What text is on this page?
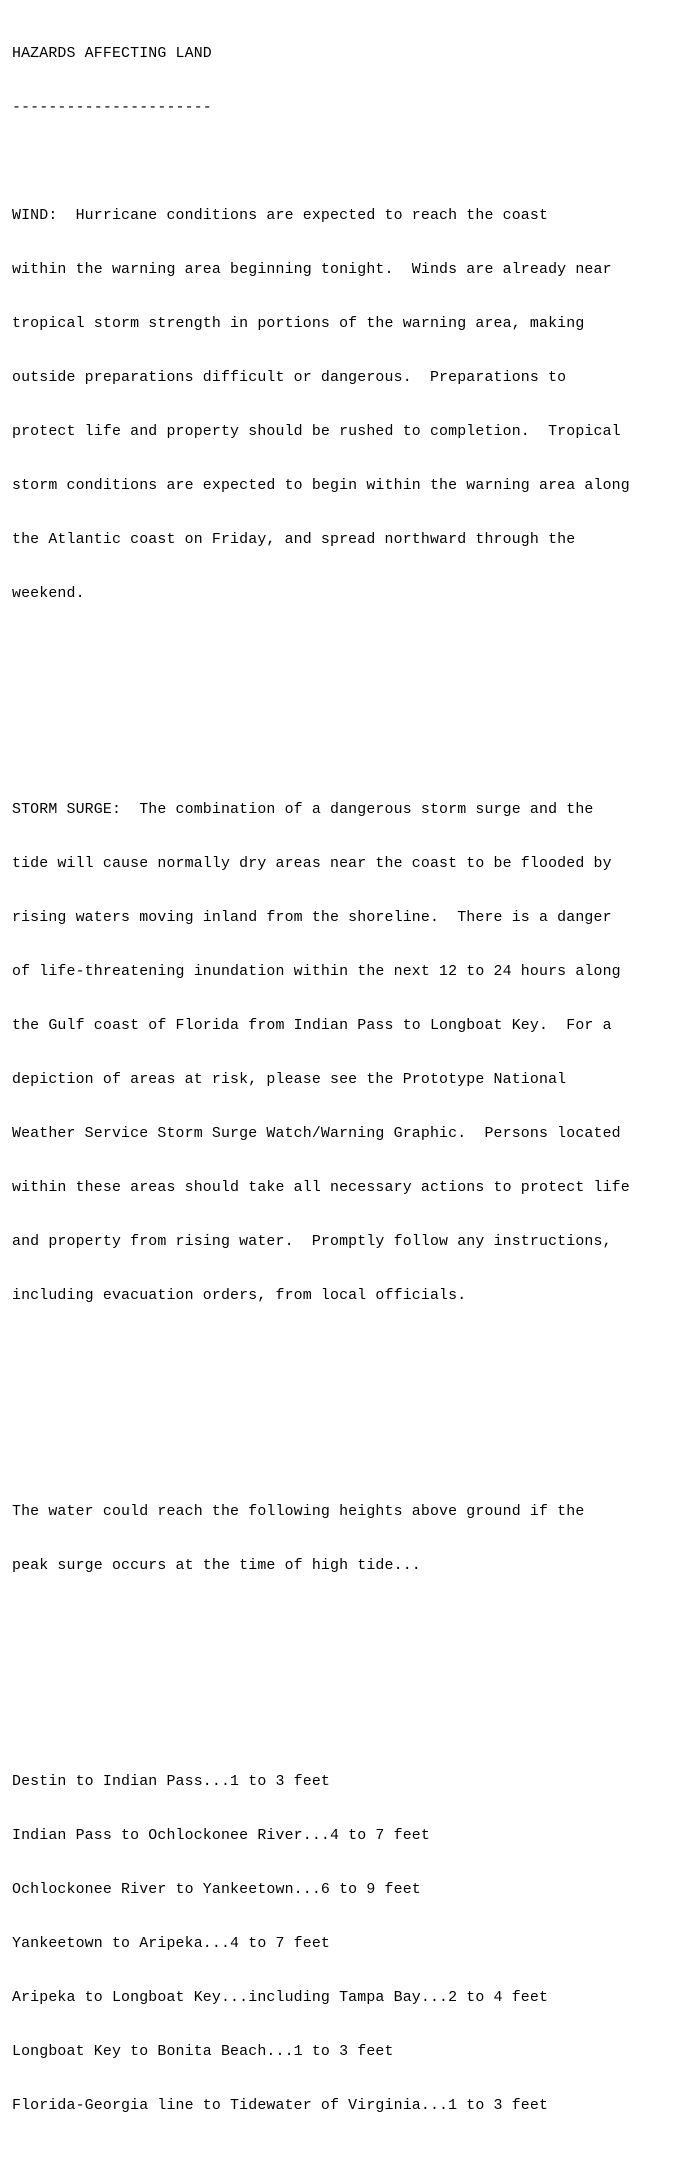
HAZARDS AFFECTING LAND

----------------------

WIND:  Hurricane conditions are expected to reach the coast

within the warning area beginning tonight.  Winds are already near

tropical storm strength in portions of the warning area, making

outside preparations difficult or dangerous.  Preparations to

protect life and property should be rushed to completion.  Tropical

storm conditions are expected to begin within the warning area along

the Atlantic coast on Friday, and spread northward through the

weekend.

STORM SURGE:  The combination of a dangerous storm surge and the

tide will cause normally dry areas near the coast to be flooded by

rising waters moving inland from the shoreline.  There is a danger

of life-threatening inundation within the next 12 to 24 hours along

the Gulf coast of Florida from Indian Pass to Longboat Key.  For a

depiction of areas at risk, please see the Prototype National

Weather Service Storm Surge Watch/Warning Graphic.  Persons located

within these areas should take all necessary actions to protect life

and property from rising water.  Promptly follow any instructions,

including evacuation orders, from local officials.

The water could reach the following heights above ground if the

peak surge occurs at the time of high tide...

Destin to Indian Pass...1 to 3 feet

Indian Pass to Ochlockonee River...4 to 7 feet

Ochlockonee River to Yankeetown...6 to 9 feet

Yankeetown to Aripeka...4 to 7 feet

Aripeka to Longboat Key...including Tampa Bay...2 to 4 feet

Longboat Key to Bonita Beach...1 to 3 feet

Florida-Georgia line to Tidewater of Virginia...1 to 3 feet
